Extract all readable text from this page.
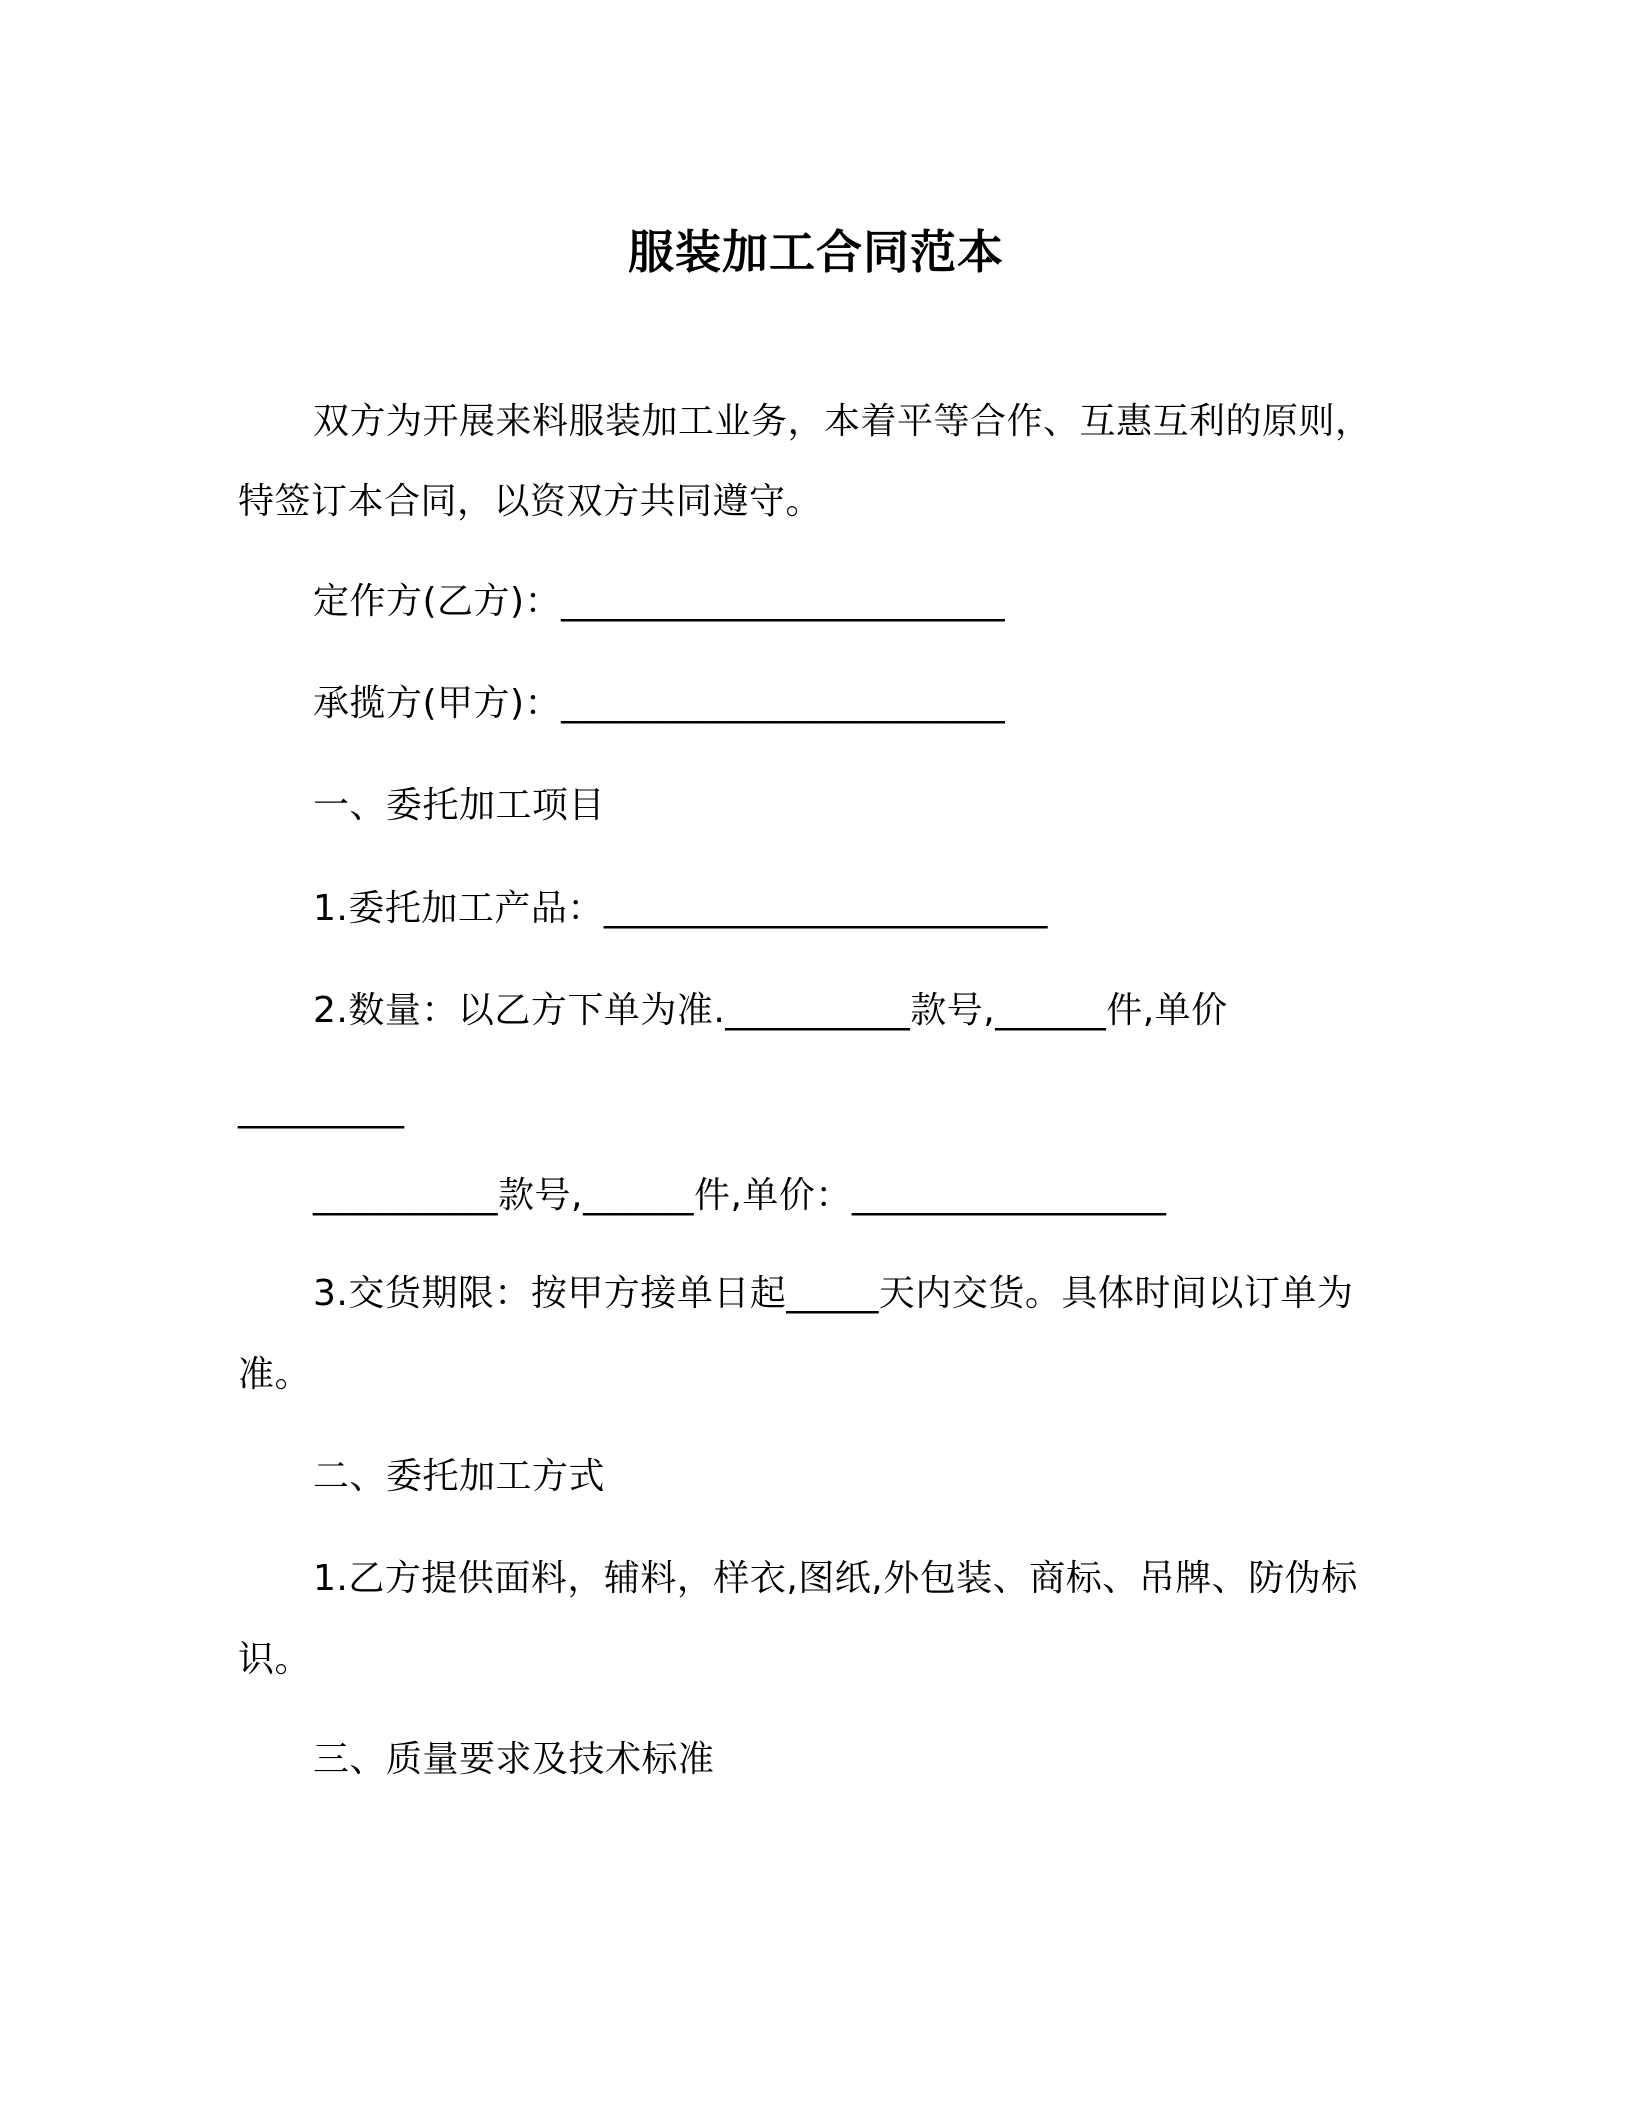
服装加工合同范本
双方为开展来料服装加工业务，本着平等合作、互惠互利的原则，
特签订本合同，以资双方共同遵守。
定作方(乙方)：________________________
承揽方(甲方)：________________________
一、委托加工项目
1.委托加工产品：________________________
2.数量：以乙方下单为准.__________款号,______件,单价
_________
__________款号,______件,单价：_________________
3.交货期限：按甲方接单日起_____天内交货。具体时间以订单为
准。
二、委托加工方式
1.乙方提供面料，辅料，样衣,图纸,外包装、商标、吊牌、防伪标
识。
三、质量要求及技术标准
